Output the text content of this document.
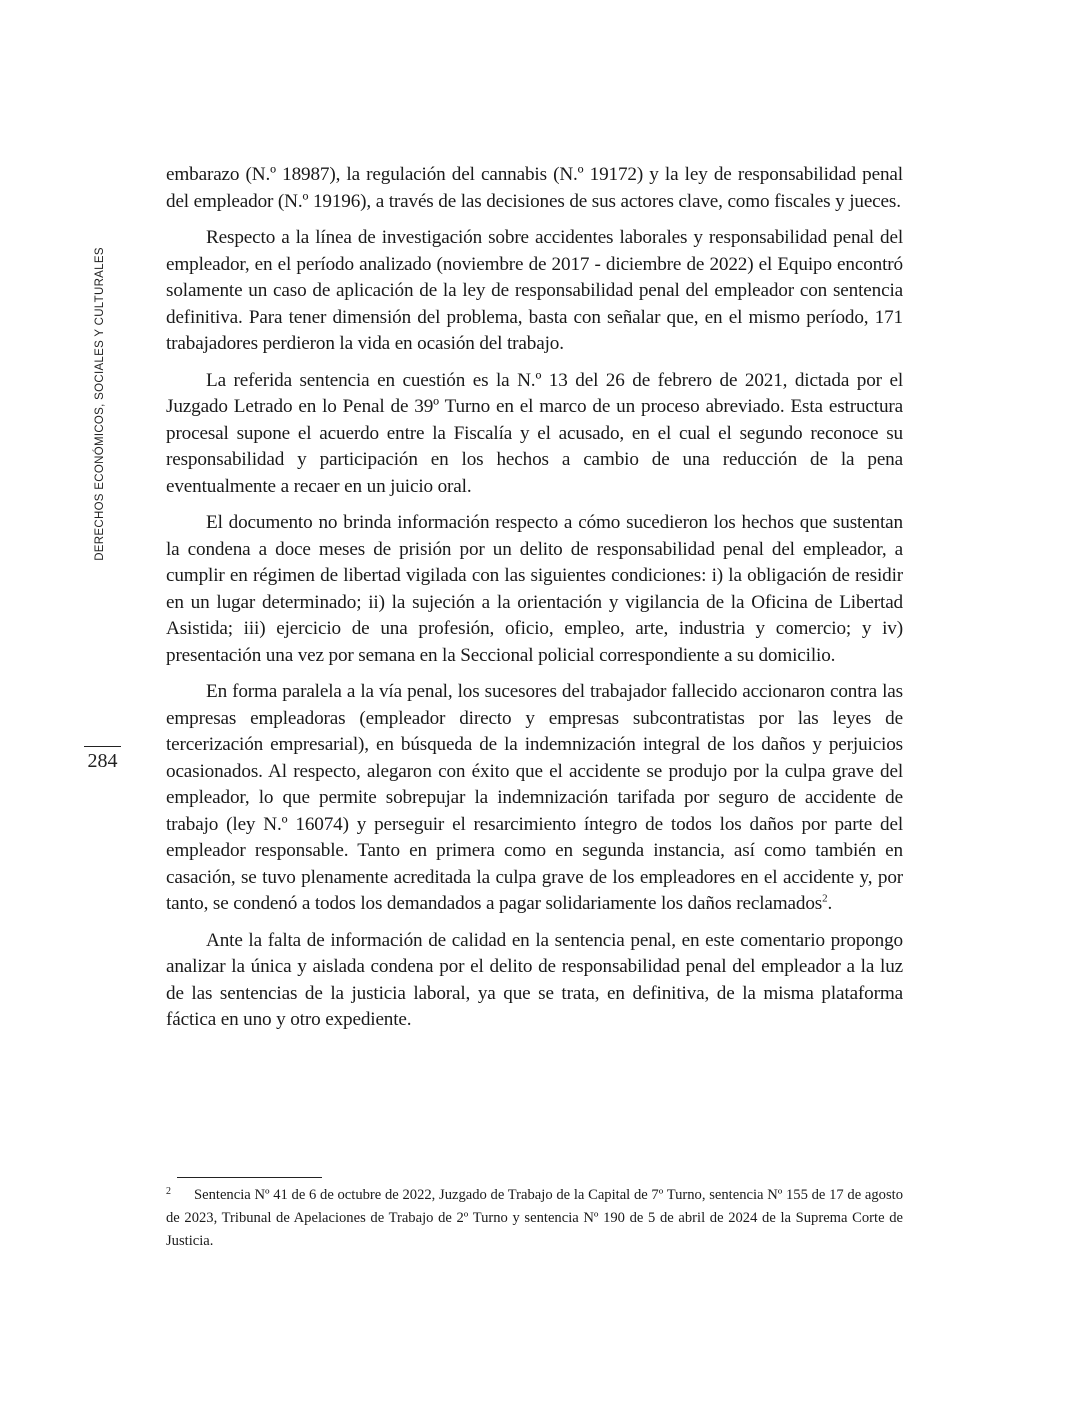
DERECHOS ECONÓMICOS, SOCIALES Y CULTURALES
284

embarazo (N.º 18987), la regulación del cannabis (N.º 19172) y la ley de responsabilidad penal del empleador (N.º 19196), a través de las decisiones de sus actores clave, como fiscales y jueces.

Respecto a la línea de investigación sobre accidentes laborales y responsabilidad penal del empleador, en el período analizado (noviembre de 2017 - diciembre de 2022) el Equipo encontró solamente un caso de aplicación de la ley de responsabilidad penal del empleador con sentencia definitiva. Para tener dimensión del problema, basta con señalar que, en el mismo período, 171 trabajadores perdieron la vida en ocasión del trabajo.

La referida sentencia en cuestión es la N.º 13 del 26 de febrero de 2021, dictada por el Juzgado Letrado en lo Penal de 39º Turno en el marco de un proceso abreviado. Esta estructura procesal supone el acuerdo entre la Fiscalía y el acusado, en el cual el segundo reconoce su responsabilidad y participación en los hechos a cambio de una reducción de la pena eventualmente a recaer en un juicio oral.

El documento no brinda información respecto a cómo sucedieron los hechos que sustentan la condena a doce meses de prisión por un delito de responsabilidad penal del empleador, a cumplir en régimen de libertad vigilada con las siguientes condiciones: i) la obligación de residir en un lugar determinado; ii) la sujeción a la orientación y vigilancia de la Oficina de Libertad Asistida; iii) ejercicio de una profesión, oficio, empleo, arte, industria y comercio; y iv) presentación una vez por semana en la Seccional policial correspondiente a su domicilio.

En forma paralela a la vía penal, los sucesores del trabajador fallecido accionaron contra las empresas empleadoras (empleador directo y empresas subcontratistas por las leyes de tercerización empresarial), en búsqueda de la indemnización integral de los daños y perjuicios ocasionados. Al respecto, alegaron con éxito que el accidente se produjo por la culpa grave del empleador, lo que permite sobrepujar la indemnización tarifada por seguro de accidente de trabajo (ley N.º 16074) y perseguir el resarcimiento íntegro de todos los daños por parte del empleador responsable. Tanto en primera como en segunda instancia, así como también en casación, se tuvo plenamente acreditada la culpa grave de los empleadores en el accidente y, por tanto, se condenó a todos los demandados a pagar solidariamente los daños reclamados$^2$.

Ante la falta de información de calidad en la sentencia penal, en este comentario propongo analizar la única y aislada condena por el delito de responsabilidad penal del empleador a la luz de las sentencias de la justicia laboral, ya que se trata, en definitiva, de la misma plataforma fáctica en uno y otro expediente.

2 Sentencia Nº 41 de 6 de octubre de 2022, Juzgado de Trabajo de la Capital de 7º Turno, sentencia Nº 155 de 17 de agosto de 2023, Tribunal de Apelaciones de Trabajo de 2º Turno y sentencia Nº 190 de 5 de abril de 2024 de la Suprema Corte de Justicia.
